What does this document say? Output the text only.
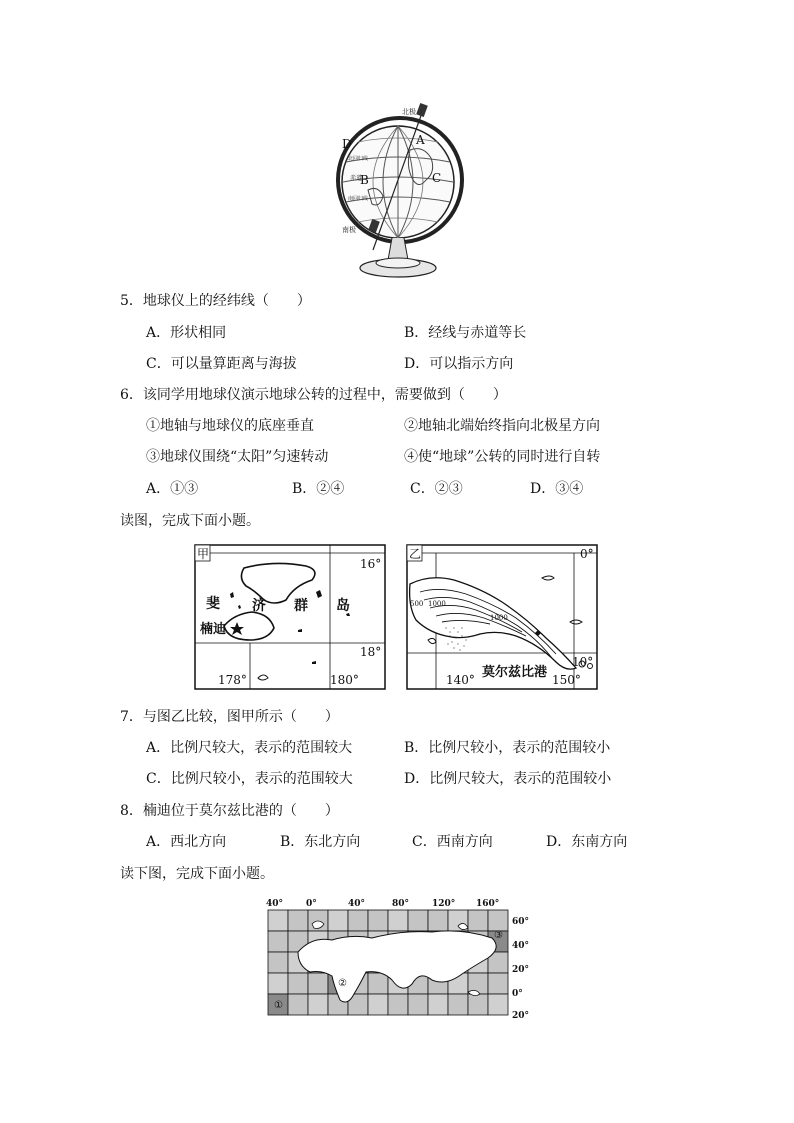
北极
南极
赤道
北回归线
南回归线
A
B	C
D
5．地球仪上的经纬线（　　）
A．形状相同	B．经线与赤道等长
C．可以量算距离与海拔	D．可以指示方向
6．该同学用地球仪演示地球公转的过程中，需要做到（　　）
①地轴与地球仪的底座垂直	②地轴北端始终指向北极星方向
③地球仪围绕“太阳”匀速转动	④使“地球”公转的同时进行自转
A．①③	B．②④	C．②③	D．③④
读图，完成下面小题。
甲
16°
18°
178°	180°
斐 济 群 岛
楠迪
乙	0°
10°
140°	150°
莫尔兹比港
500 1000
1000
7．与图乙比较，图甲所示（　　）
A．比例尺较大，表示的范围较大	B．比例尺较小，表示的范围较小
C．比例尺较小，表示的范围较大	D．比例尺较大，表示的范围较小
8．楠迪位于莫尔兹比港的（　　）
A．西北方向	B．东北方向	C．西南方向	D．东南方向
读下图，完成下面小题。
40°	0°	40°	80°	120° 160°
60°
40°
20°
0°
20°
①
②
③
